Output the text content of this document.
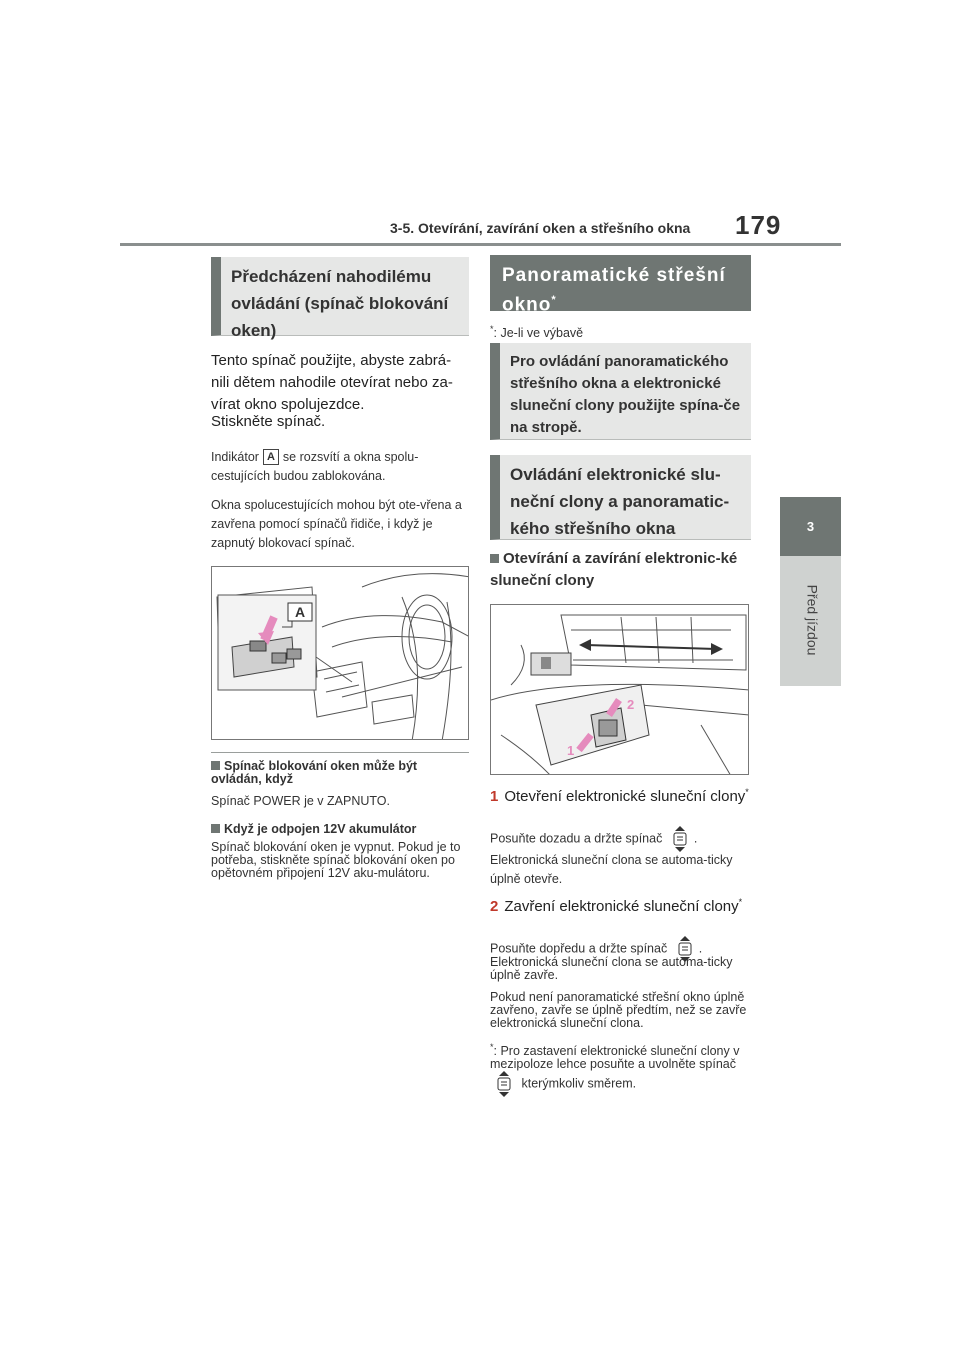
3-5. Otevírání, zavírání oken a střešního okna 179
3
Před jízdou
Předcházení nahodilému ovládání (spínač blokování oken)
Tento spínač použijte, abyste zabrá-nili dětem nahodile otevírat nebo za-vírat okno spolujezdce.
Stiskněte spínač.
Indikátor A se rozsvítí a okna spolu-cestujících budou zablokována.
Okna spolucestujících mohou být ote-vřena a zavřena pomocí spínačů řidiče, i když je zapnutý blokovací spínač.
A
Spínač blokování oken může být ovládán, když
Spínač POWER je v ZAPNUTO.
Když je odpojen 12V akumulátor
Spínač blokování oken je vypnut. Pokud je to potřeba, stiskněte spínač blokování oken po opětovném připojení 12V aku-mulátoru.
Panoramatické střešní okno*
*: Je-li ve výbavě
Pro ovládání panoramatického střešního okna a elektronické sluneční clony použijte spína-če na stropě.
Ovládání elektronické slu-neční clony a panoramatic-kého střešního okna
Otevírání a zavírání elektronic-ké sluneční clony
2
1
1 Otevření elektronické sluneční clony*
Posuňte dozadu a držte spínač	.
Elektronická sluneční clona se automa-ticky úplně otevře.
2 Zavření elektronické sluneční clony*
Posuňte dopředu a držte spínač	.
Elektronická sluneční clona se automa-ticky úplně zavře.
Pokud není panoramatické střešní okno úplně zavřeno, zavře se úplně předtím, než se zavře elektronická sluneční clona.
*: Pro zastavení elektronické sluneční clony v mezipoloze lehce posuňte a uvolněte spínač  kterýmkoliv směrem.
